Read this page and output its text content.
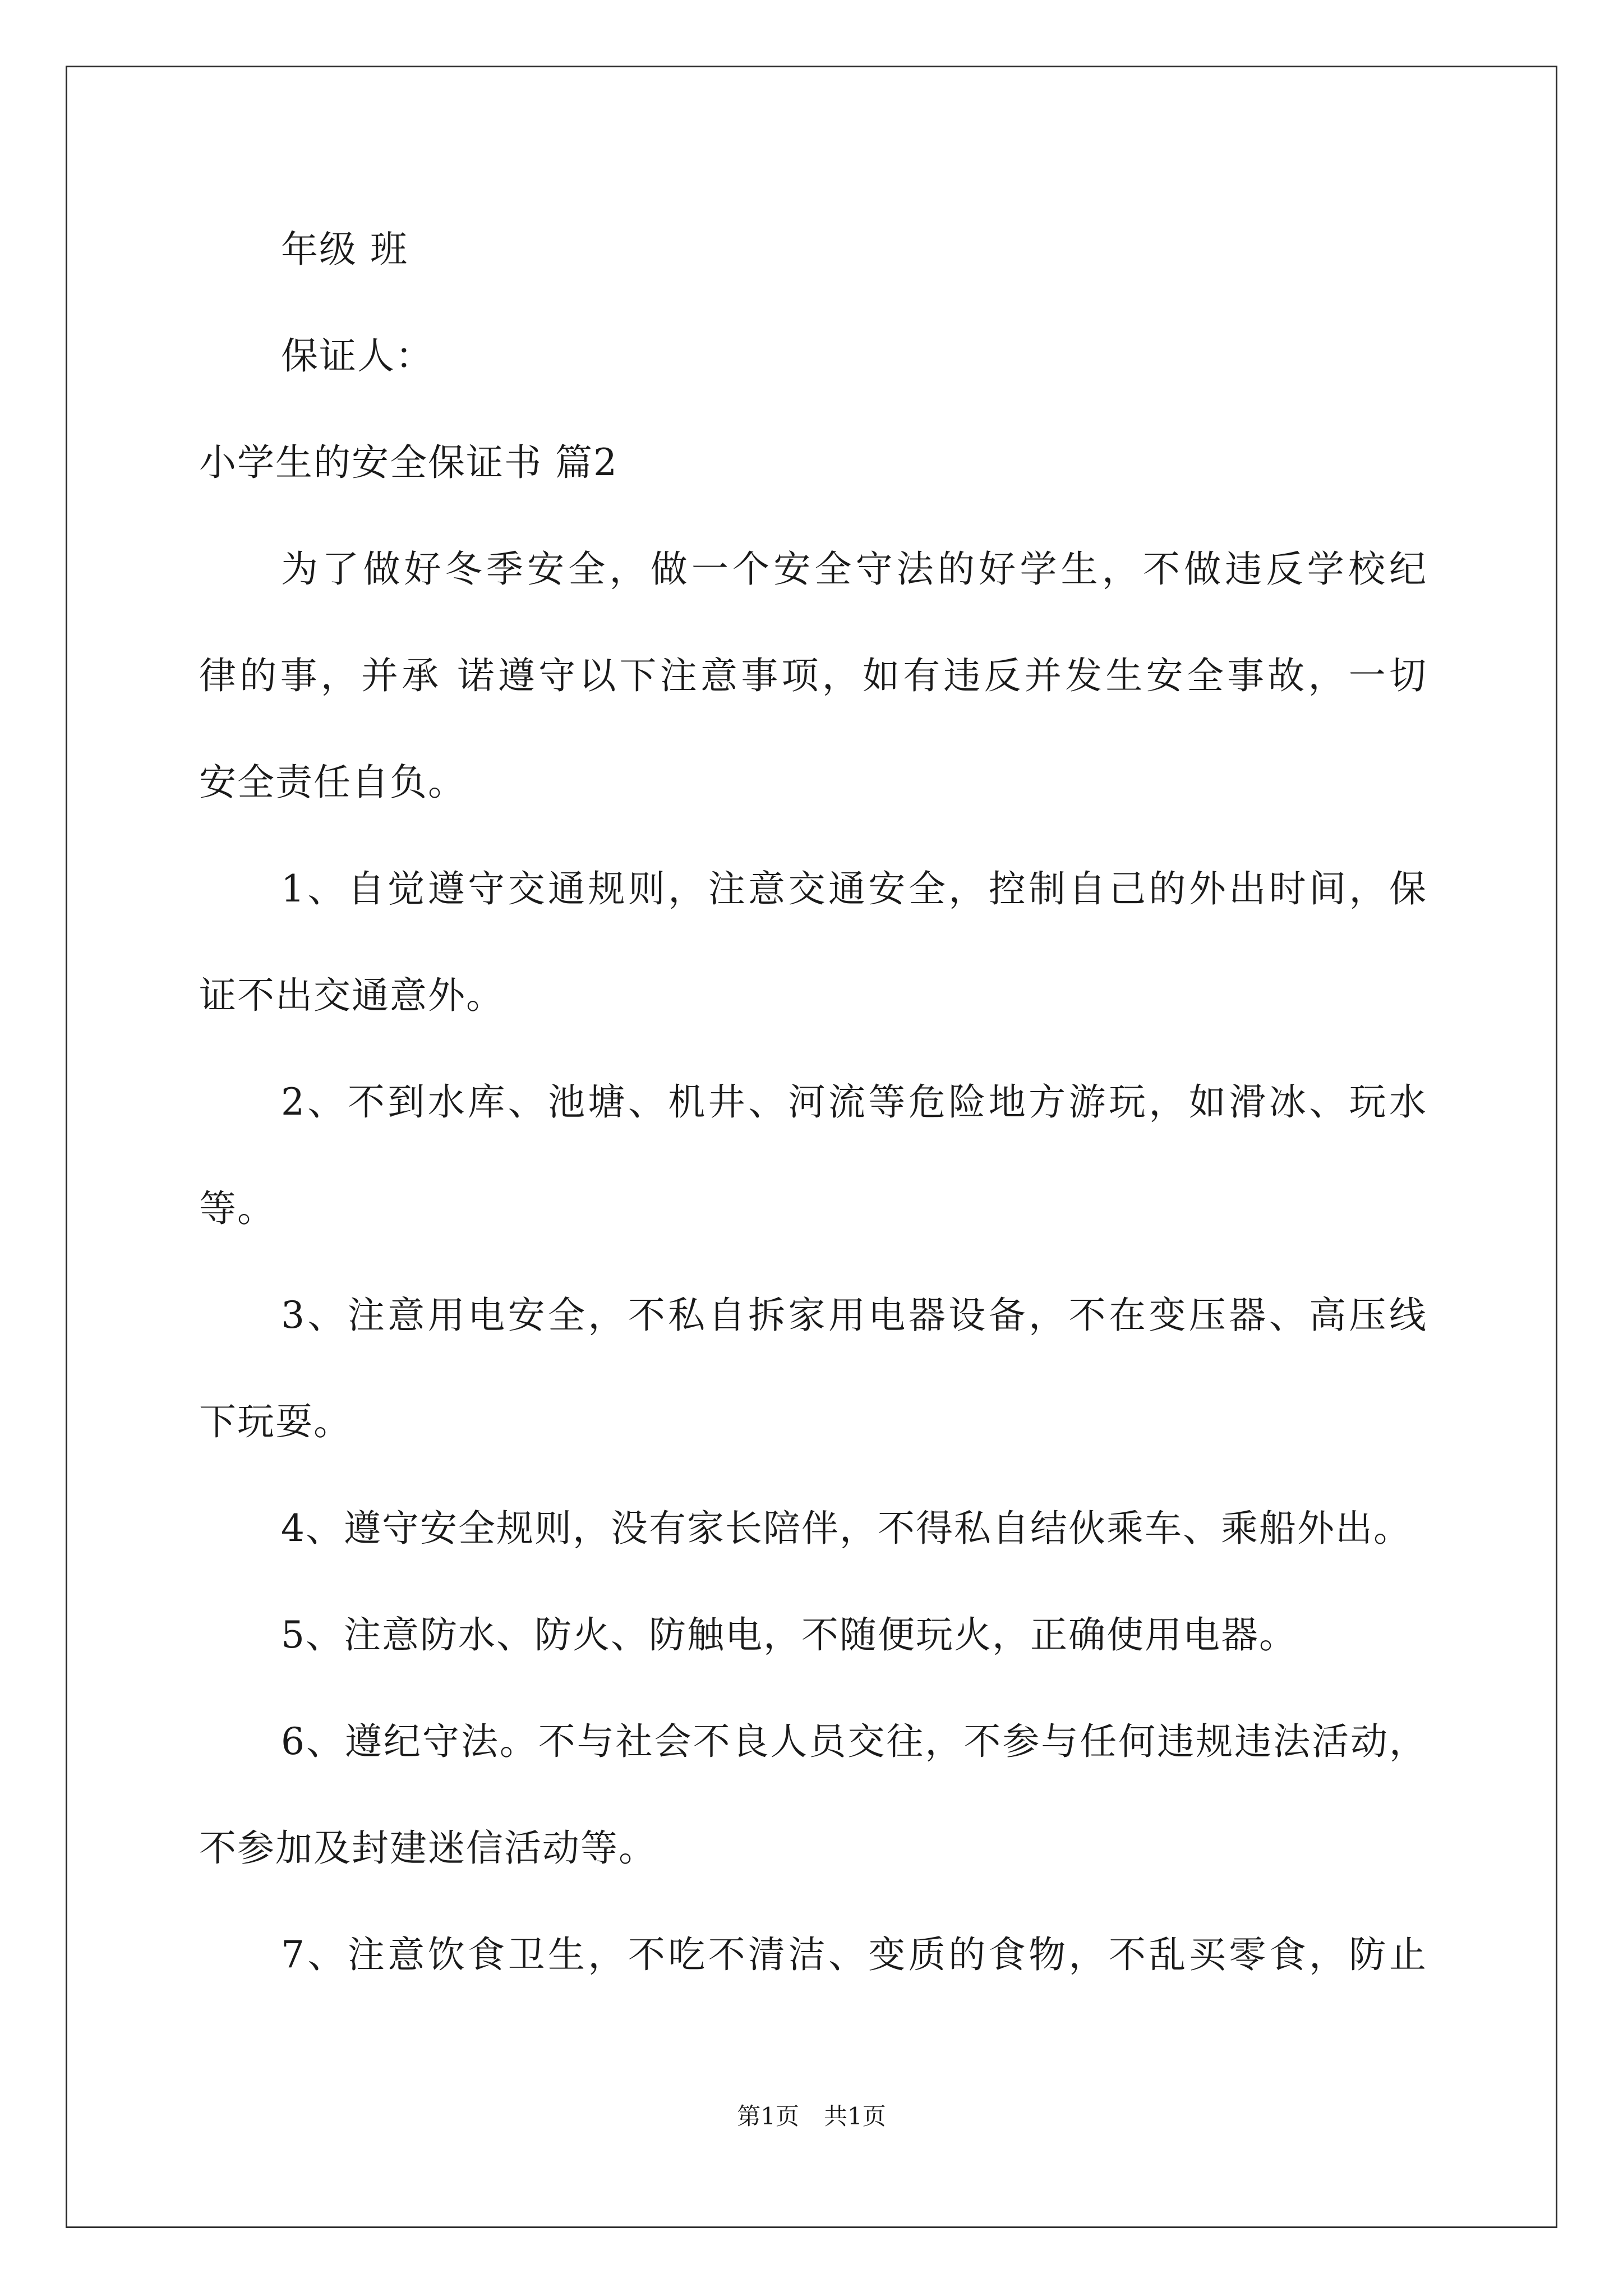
年级 班
保证人：
小学生的安全保证书 篇2
为了做好冬季安全，做一个安全守法的好学生，不做违反学校纪
律的事，并承 诺遵守以下注意事项，如有违反并发生安全事故，一切
安全责任自负。
1、自觉遵守交通规则，注意交通安全，控制自己的外出时间，保
证不出交通意外。
2、不到水库、池塘、机井、河流等危险地方游玩，如滑冰、玩水
等。
3、注意用电安全，不私自拆家用电器设备，不在变压器、高压线
下玩耍。
4、遵守安全规则，没有家长陪伴，不得私自结伙乘车、乘船外出。
5、注意防水、防火、防触电，不随便玩火，正确使用电器。
6、遵纪守法。不与社会不良人员交往，不参与任何违规违法活动，
不参加及封建迷信活动等。
7、注意饮食卫生，不吃不清洁、变质的食物，不乱买零食，防止
第1页 共1页
